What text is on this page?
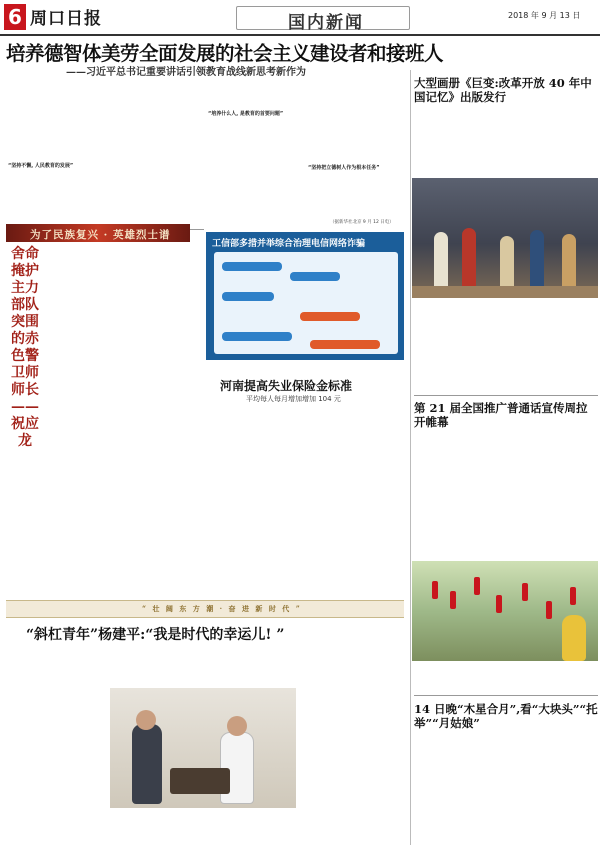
6 周口日报	国内新闻	2018 年 9 月 13 日
培养德智体美劳全面发展的社会主义建设者和接班人
——习近平总书记重要讲话引领教育战线新思考新作为
“坚持不懈, 人民教育的发展”
“培养什么人, 是教育的首要问题”
“坚持把立德树人作为根本任务”
（据新华社北京 9 月 12 日电）
为了民族复兴 · 英雄烈士谱
舍命掩护主力部队突围的赤色警卫师师长——祝应龙
工信部多措并举综合治理电信网络诈骗
河南提高失业保险金标准
平均每人每月增加增加 104 元
“ 壮 阔 东 方 潮 · 奋 进 新 时 代 ”
“斜杠青年”杨建平:“我是时代的幸运儿! ”
大型画册《巨变:改革开放 40 年中国记忆》出版发行
第 21 届全国推广普通话宣传周拉开帷幕
14 日晚“木星合月”,看“大块头”“托举”“月姑娘”
